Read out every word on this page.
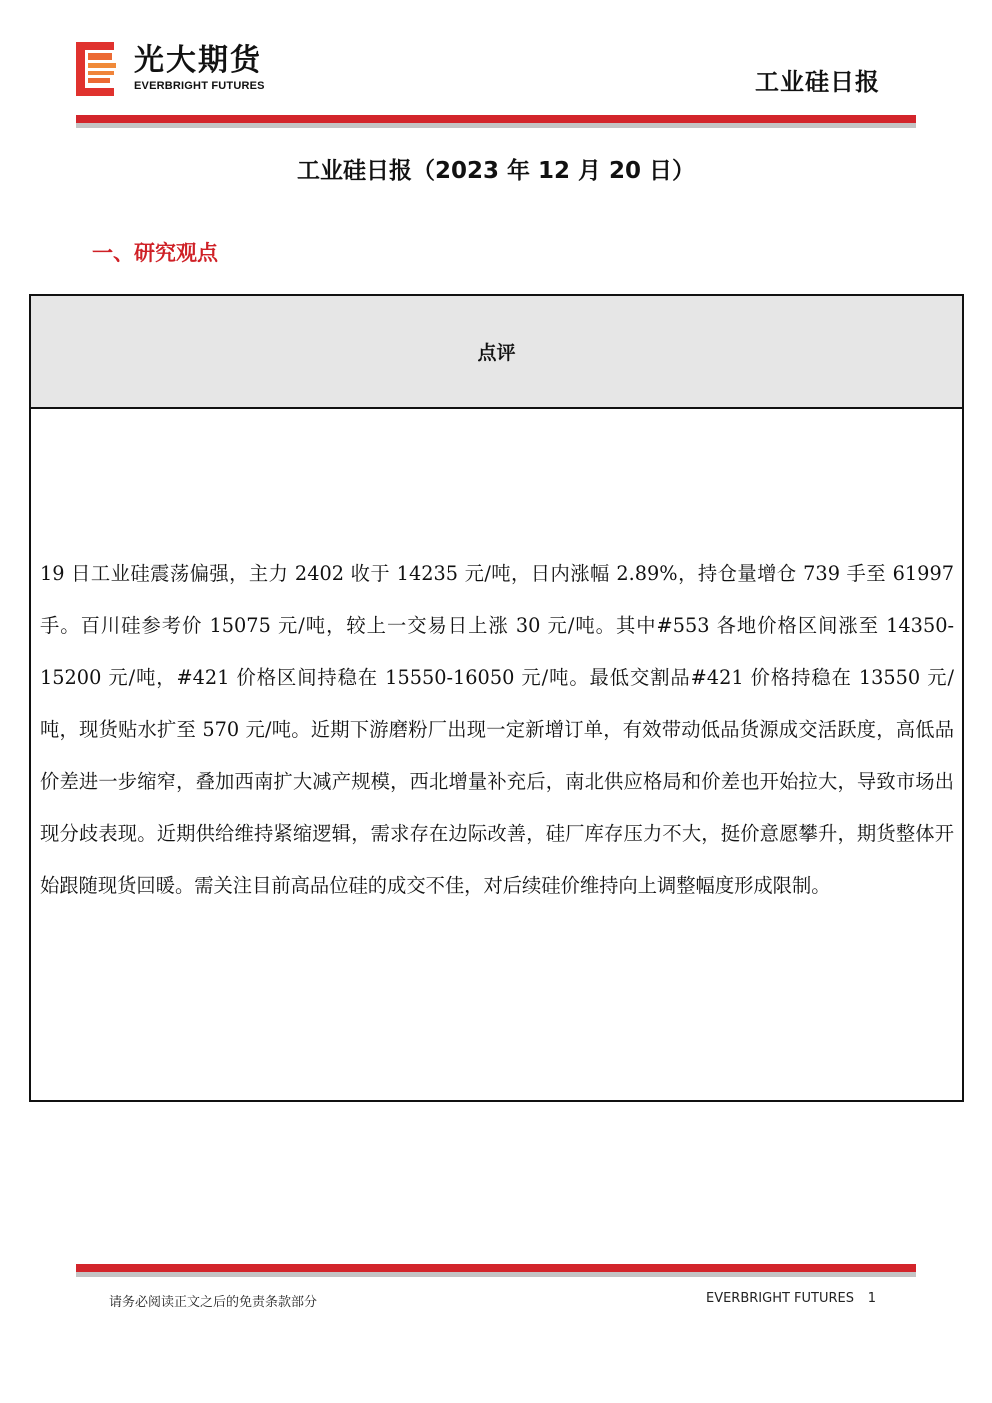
光大期货
EVERBRIGHT FUTURES	工业硅日报
工业硅日报（2023 年 12 月 20 日）
一、研究观点
点评

19 日工业硅震荡偏强，主力 2402 收于 14235 元/吨，日内涨幅 2.89%，持仓量增仓 739 手至 61997 手。百川硅参考价 15075 元/吨，较上一交易日上涨 30 元/吨。其中#553 各地价格区间涨至 14350-15200 元/吨，#421 价格区间持稳在 15550-16050 元/吨。最低交割品#421 价格持稳在 13550 元/吨，现货贴水扩至 570 元/吨。近期下游磨粉厂出现一定新增订单，有效带动低品货源成交活跃度，高低品价差进一步缩窄，叠加西南扩大减产规模，西北增量补充后，南北供应格局和价差也开始拉大，导致市场出现分歧表现。近期供给维持紧缩逻辑，需求存在边际改善，硅厂库存压力不大，挺价意愿攀升，期货整体开始跟随现货回暖。需关注目前高品位硅的成交不佳，对后续硅价维持向上调整幅度形成限制。

请务必阅读正文之后的免责条款部分	EVERBRIGHT FUTURES 1
